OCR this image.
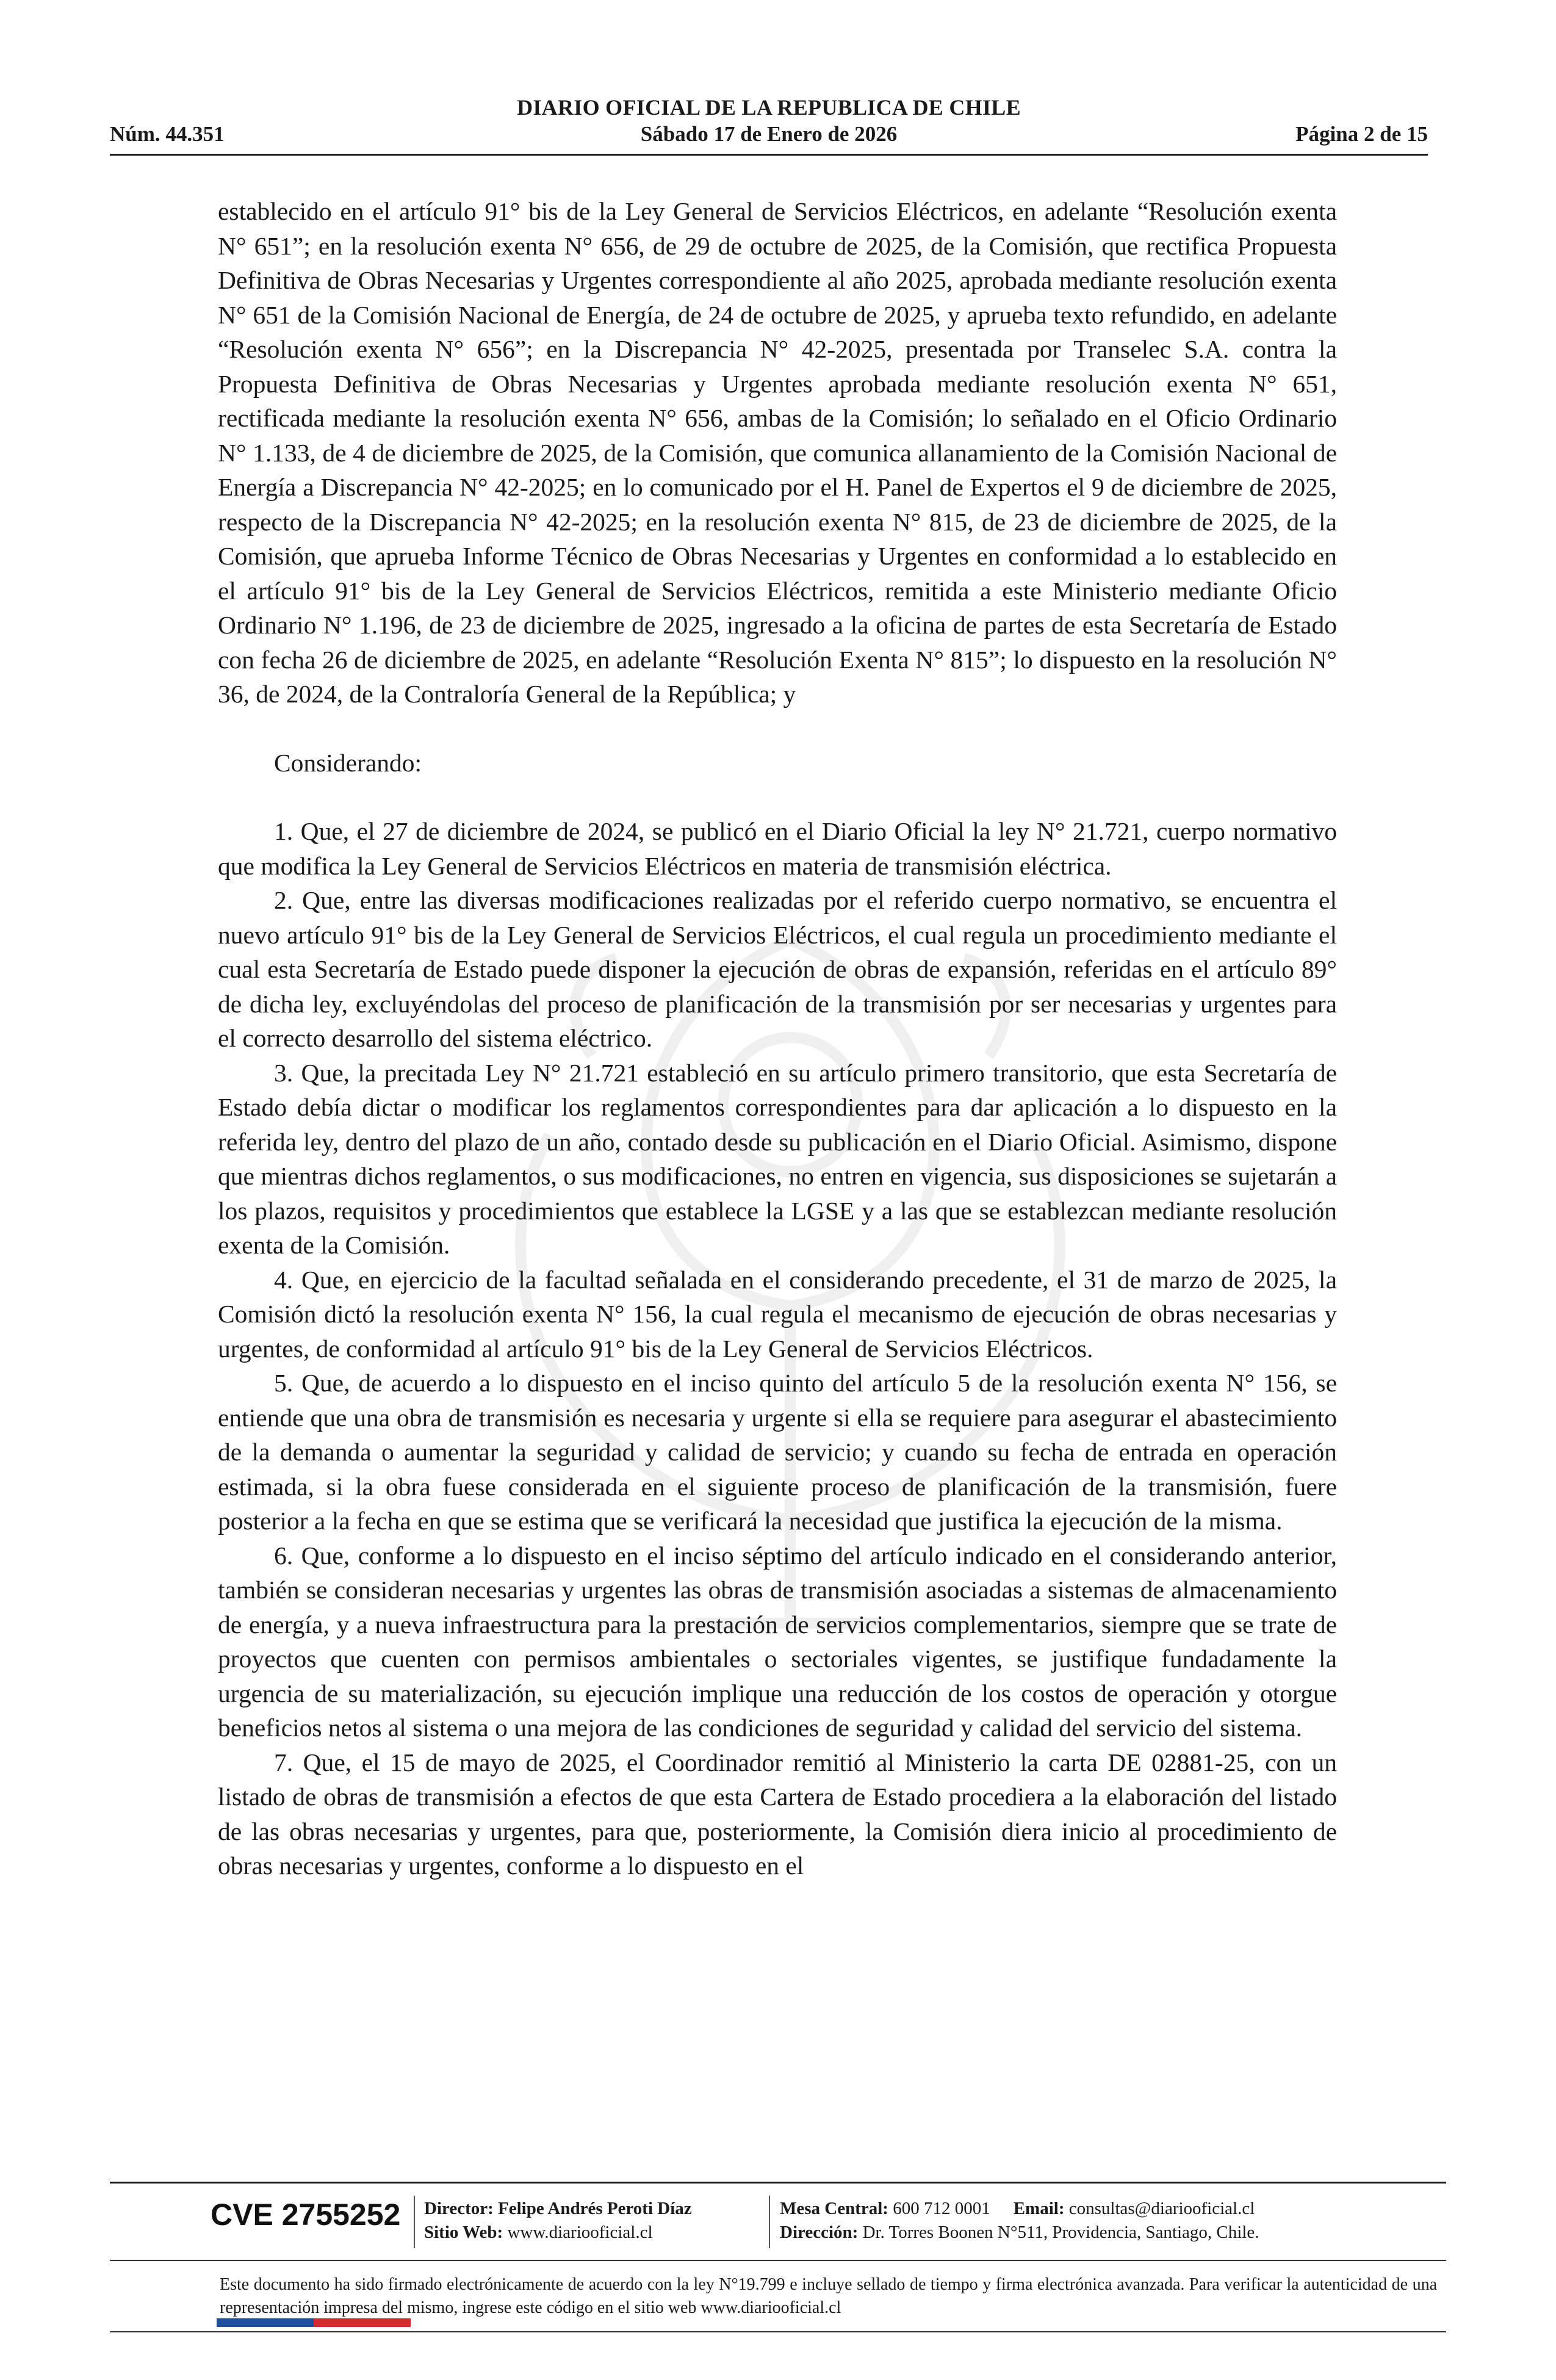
DIARIO OFICIAL DE LA REPUBLICA DE CHILE
Núm. 44.351	Sábado 17 de Enero de 2026	Página 2 de 15

establecido en el artículo 91° bis de la Ley General de Servicios Eléctricos, en adelante “Resolución exenta N° 651”; en la resolución exenta N° 656, de 29 de octubre de 2025, de la Comisión, que rectifica Propuesta Definitiva de Obras Necesarias y Urgentes correspondiente al año 2025, aprobada mediante resolución exenta N° 651 de la Comisión Nacional de Energía, de 24 de octubre de 2025, y aprueba texto refundido, en adelante “Resolución exenta N° 656”; en la Discrepancia N° 42-2025, presentada por Transelec S.A. contra la Propuesta Definitiva de Obras Necesarias y Urgentes aprobada mediante resolución exenta N° 651, rectificada mediante la resolución exenta N° 656, ambas de la Comisión; lo señalado en el Oficio Ordinario N° 1.133, de 4 de diciembre de 2025, de la Comisión, que comunica allanamiento de la Comisión Nacional de Energía a Discrepancia N° 42-2025; en lo comunicado por el H. Panel de Expertos el 9 de diciembre de 2025, respecto de la Discrepancia N° 42-2025; en la resolución exenta N° 815, de 23 de diciembre de 2025, de la Comisión, que aprueba Informe Técnico de Obras Necesarias y Urgentes en conformidad a lo establecido en el artículo 91° bis de la Ley General de Servicios Eléctricos, remitida a este Ministerio mediante Oficio Ordinario N° 1.196, de 23 de diciembre de 2025, ingresado a la oficina de partes de esta Secretaría de Estado con fecha 26 de diciembre de 2025, en adelante “Resolución Exenta N° 815”; lo dispuesto en la resolución N° 36, de 2024, de la Contraloría General de la República; y

Considerando:

1. Que, el 27 de diciembre de 2024, se publicó en el Diario Oficial la ley N° 21.721, cuerpo normativo que modifica la Ley General de Servicios Eléctricos en materia de transmisión eléctrica.

2. Que, entre las diversas modificaciones realizadas por el referido cuerpo normativo, se encuentra el nuevo artículo 91° bis de la Ley General de Servicios Eléctricos, el cual regula un procedimiento mediante el cual esta Secretaría de Estado puede disponer la ejecución de obras de expansión, referidas en el artículo 89° de dicha ley, excluyéndolas del proceso de planificación de la transmisión por ser necesarias y urgentes para el correcto desarrollo del sistema eléctrico.

3. Que, la precitada Ley N° 21.721 estableció en su artículo primero transitorio, que esta Secretaría de Estado debía dictar o modificar los reglamentos correspondientes para dar aplicación a lo dispuesto en la referida ley, dentro del plazo de un año, contado desde su publicación en el Diario Oficial. Asimismo, dispone que mientras dichos reglamentos, o sus modificaciones, no entren en vigencia, sus disposiciones se sujetarán a los plazos, requisitos y procedimientos que establece la LGSE y a las que se establezcan mediante resolución exenta de la Comisión.

4. Que, en ejercicio de la facultad señalada en el considerando precedente, el 31 de marzo de 2025, la Comisión dictó la resolución exenta N° 156, la cual regula el mecanismo de ejecución de obras necesarias y urgentes, de conformidad al artículo 91° bis de la Ley General de Servicios Eléctricos.

5. Que, de acuerdo a lo dispuesto en el inciso quinto del artículo 5 de la resolución exenta N° 156, se entiende que una obra de transmisión es necesaria y urgente si ella se requiere para asegurar el abastecimiento de la demanda o aumentar la seguridad y calidad de servicio; y cuando su fecha de entrada en operación estimada, si la obra fuese considerada en el siguiente proceso de planificación de la transmisión, fuere posterior a la fecha en que se estima que se verificará la necesidad que justifica la ejecución de la misma.

6. Que, conforme a lo dispuesto en el inciso séptimo del artículo indicado en el considerando anterior, también se consideran necesarias y urgentes las obras de transmisión asociadas a sistemas de almacenamiento de energía, y a nueva infraestructura para la prestación de servicios complementarios, siempre que se trate de proyectos que cuenten con permisos ambientales o sectoriales vigentes, se justifique fundadamente la urgencia de su materialización, su ejecución implique una reducción de los costos de operación y otorgue beneficios netos al sistema o una mejora de las condiciones de seguridad y calidad del servicio del sistema.

7. Que, el 15 de mayo de 2025, el Coordinador remitió al Ministerio la carta DE 02881-25, con un listado de obras de transmisión a efectos de que esta Cartera de Estado procediera a la elaboración del listado de las obras necesarias y urgentes, para que, posteriormente, la Comisión diera inicio al procedimiento de obras necesarias y urgentes, conforme a lo dispuesto en el

CVE 2755252 Director: Felipe Andrés Peroti Díaz
Sitio Web: www.diariooficial.cl
Mesa Central: 600 712 0001 Email: consultas@diariooficial.cl
Dirección: Dr. Torres Boonen N°511, Providencia, Santiago, Chile.
Este documento ha sido firmado electrónicamente de acuerdo con la ley N°19.799 e incluye sellado de tiempo y firma electrónica avanzada. Para verificar la autenticidad de una representación impresa del mismo, ingrese este código en el sitio web www.diariooficial.cl
